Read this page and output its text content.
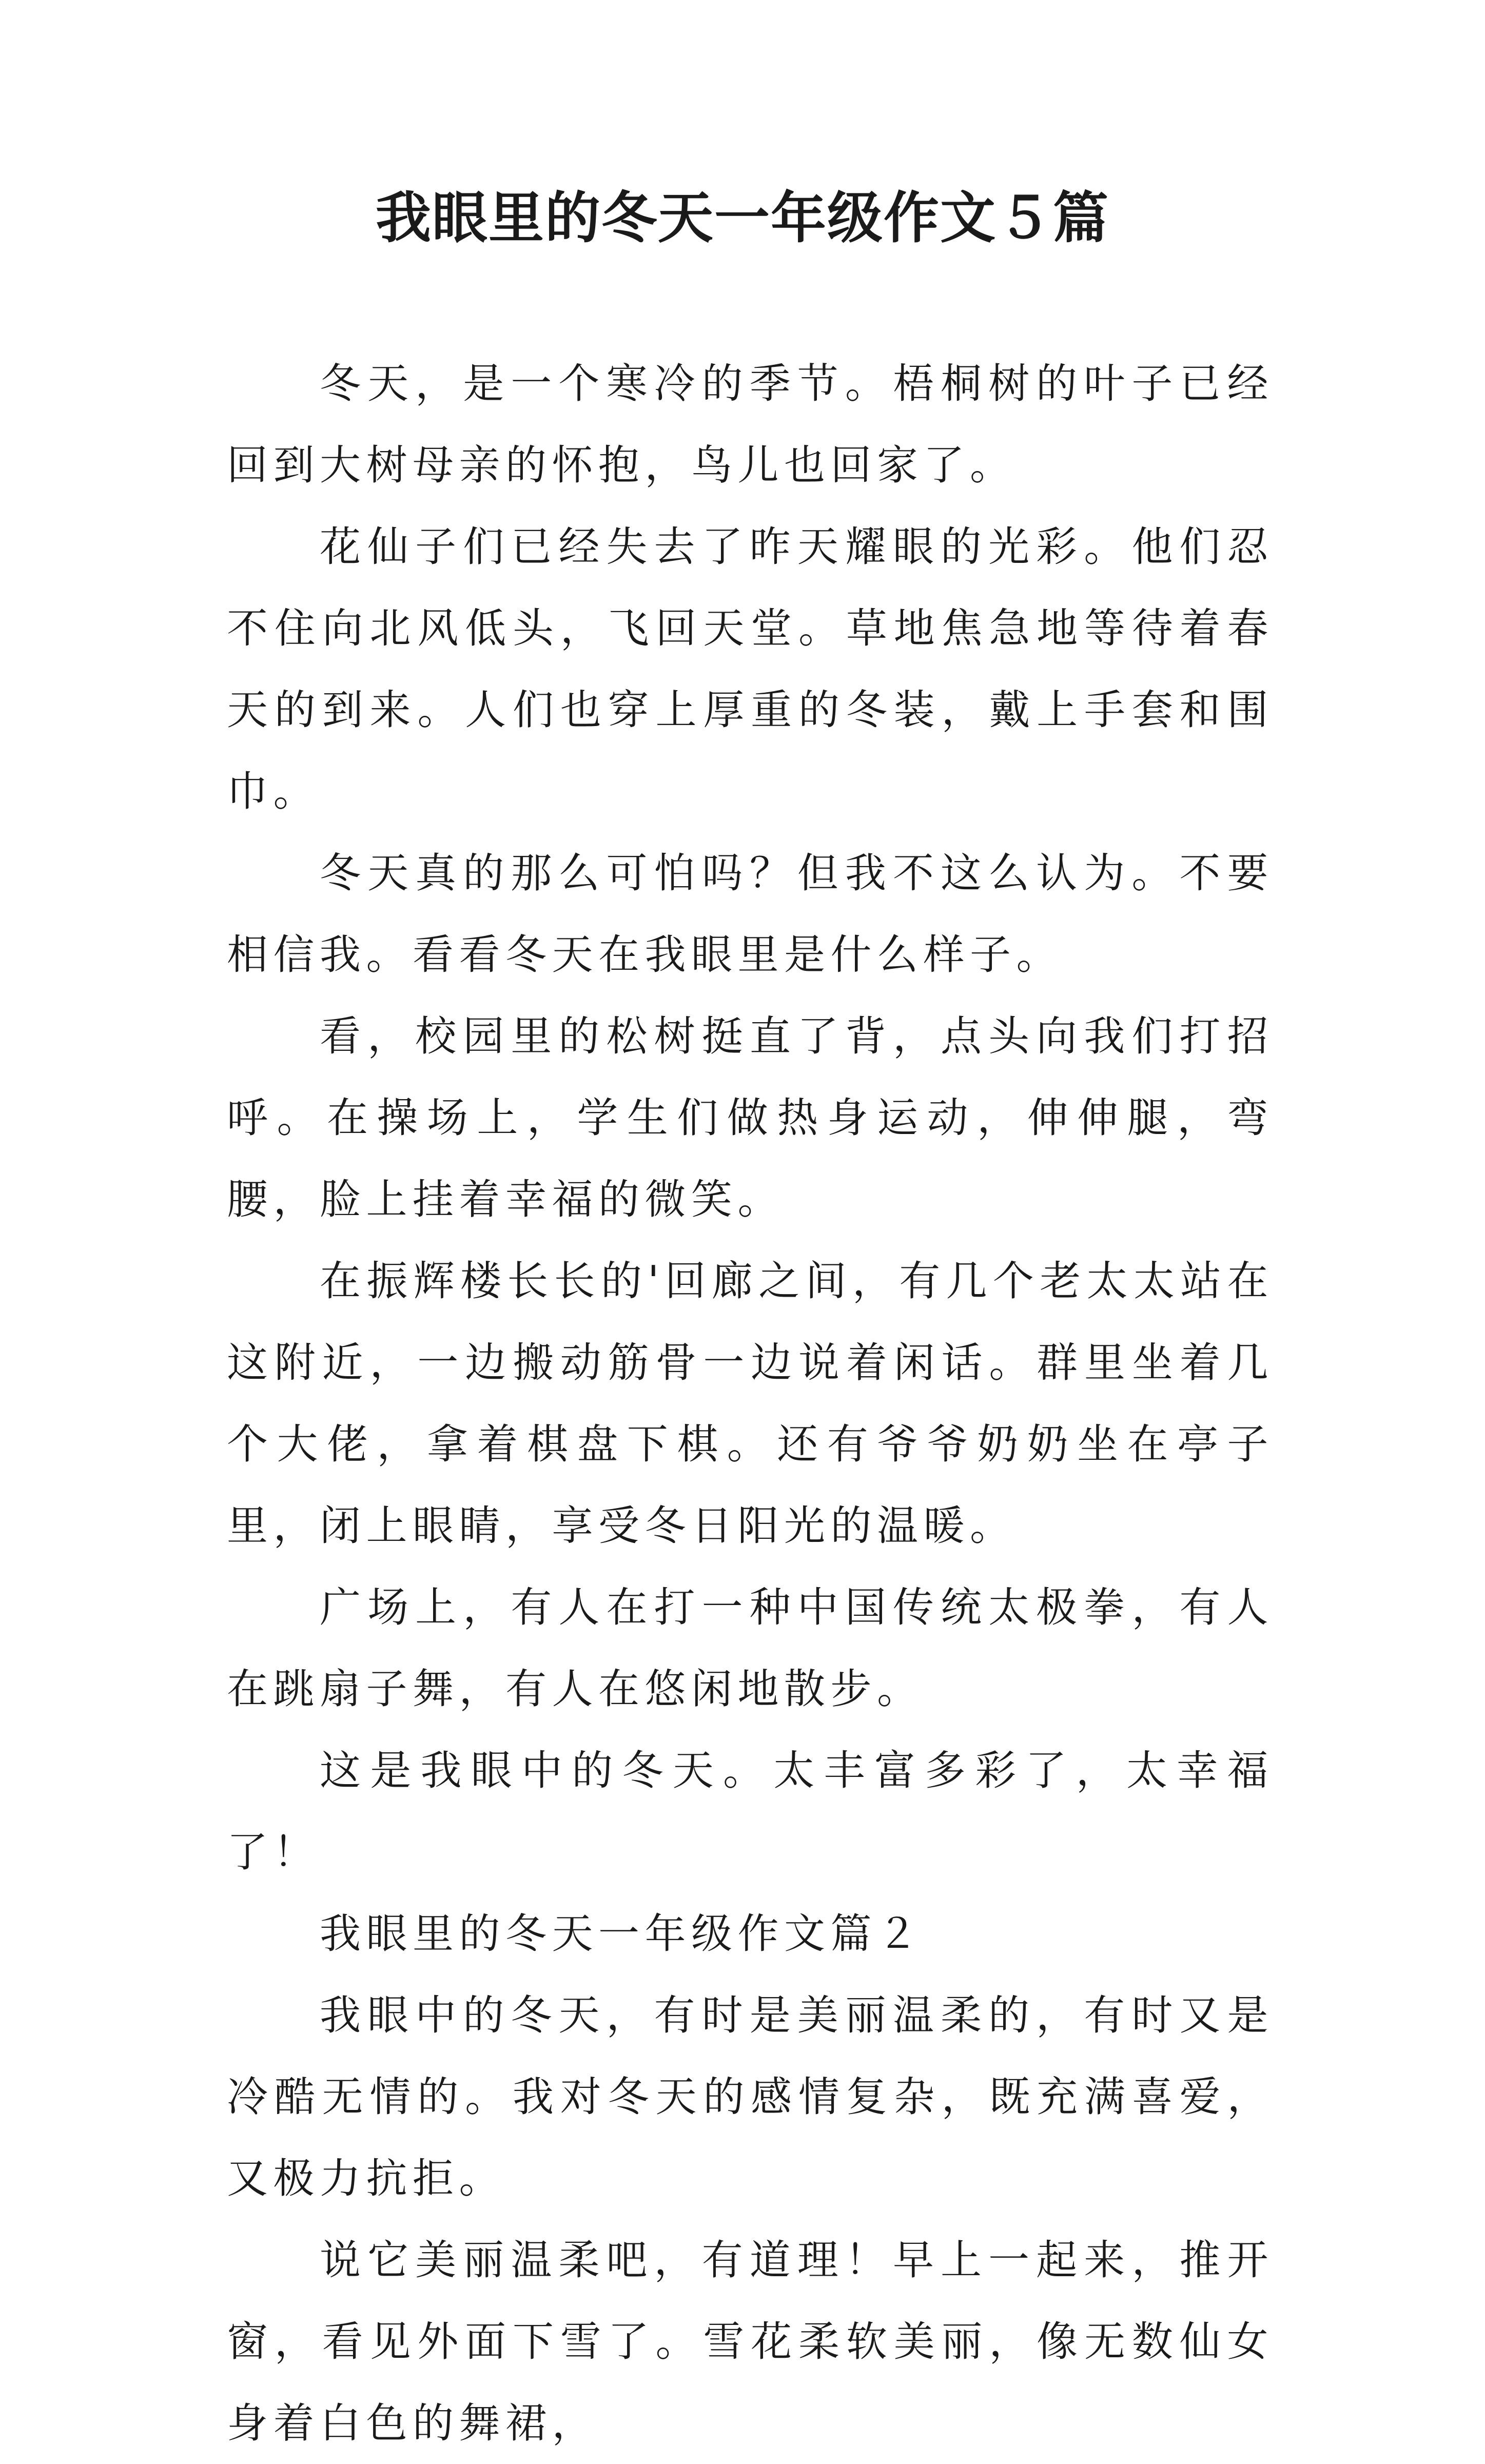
我眼里的冬天一年级作文５篇

冬天，是一个寒冷的季节。梧桐树的叶子已经回到大树母亲的怀抱，鸟儿也回家了。

花仙子们已经失去了昨天耀眼的光彩。他们忍不住向北风低头，飞回天堂。草地焦急地等待着春天的到来。人们也穿上厚重的冬装，戴上手套和围巾。

冬天真的那么可怕吗？但我不这么认为。不要相信我。看看冬天在我眼里是什么样子。

看，校园里的松树挺直了背，点头向我们打招呼。在操场上，学生们做热身运动，伸伸腿，弯腰，脸上挂着幸福的微笑。

在振辉楼长长的'回廊之间，有几个老太太站在这附近，一边搬动筋骨一边说着闲话。群里坐着几个大佬，拿着棋盘下棋。还有爷爷奶奶坐在亭子里，闭上眼睛，享受冬日阳光的温暖。

广场上，有人在打一种中国传统太极拳，有人在跳扇子舞，有人在悠闲地散步。

这是我眼中的冬天。太丰富多彩了，太幸福了！

我眼里的冬天一年级作文篇２

我眼中的冬天，有时是美丽温柔的，有时又是冷酷无情的。我对冬天的感情复杂，既充满喜爱，又极力抗拒。

说它美丽温柔吧，有道理！早上一起来，推开窗，看见外面下雪了。雪花柔软美丽，像无数仙女身着白色的舞裙，
